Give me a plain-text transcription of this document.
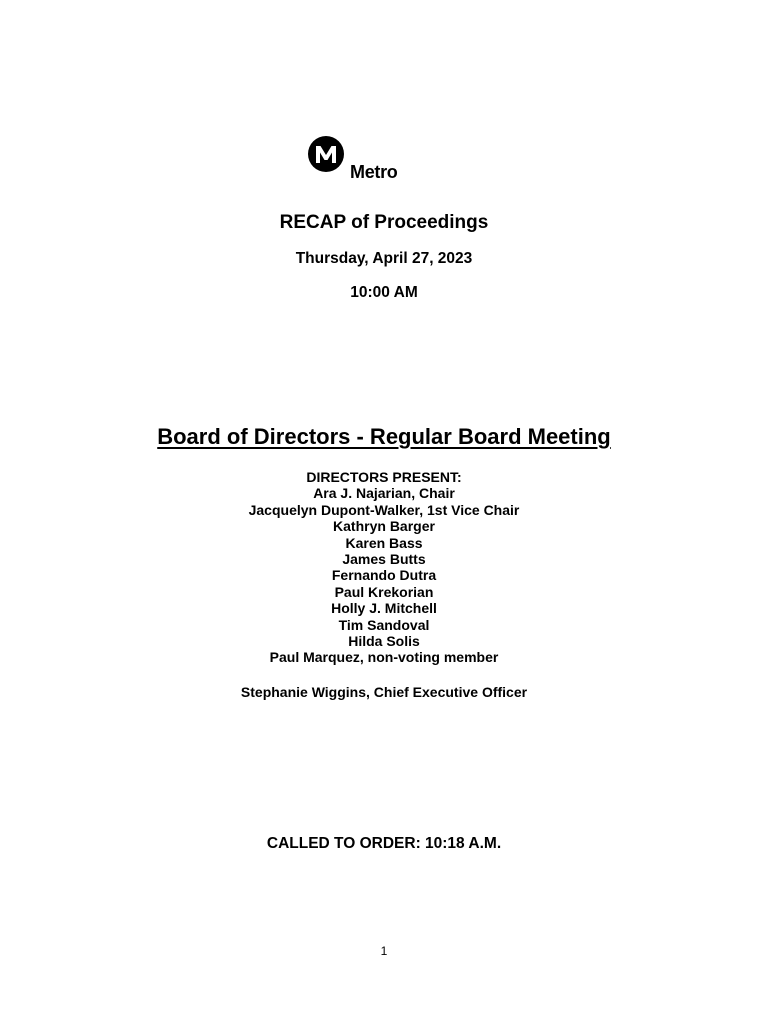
Metro
RECAP of Proceedings
Thursday, April 27, 2023
10:00 AM
Board of Directors - Regular Board Meeting
DIRECTORS PRESENT:
Ara J. Najarian, Chair
Jacquelyn Dupont-Walker, 1st Vice Chair
Kathryn Barger
Karen Bass
James Butts
Fernando Dutra
Paul Krekorian
Holly J. Mitchell
Tim Sandoval
Hilda Solis
Paul Marquez, non-voting member
Stephanie Wiggins, Chief Executive Officer
CALLED TO ORDER: 10:18 A.M.
1
